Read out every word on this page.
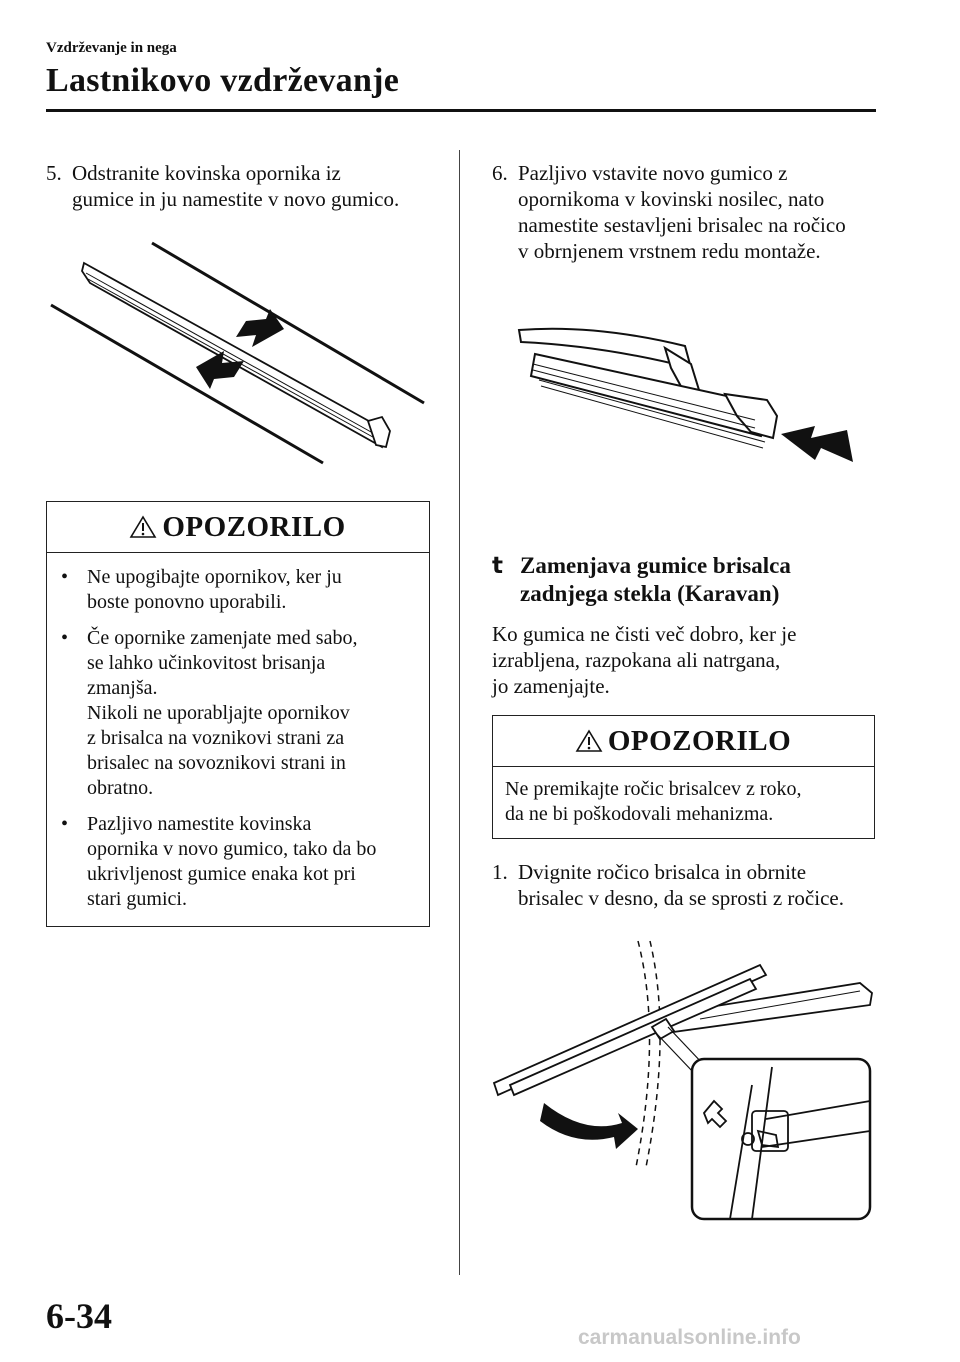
Vzdrževanje in nega
Lastnikovo vzdrževanje
5. Odstranite kovinska opornika iz
gumice in ju namestite v novo gumico.
OPOZORILO
• Ne upogibajte opornikov, ker ju
boste ponovno uporabili.
• Če opornike zamenjate med sabo,
se lahko učinkovitost brisanja
zmanjša.
Nikoli ne uporabljajte opornikov
z brisalca na voznikovi strani za
brisalec na sovoznikovi strani in
obratno.
• Pazljivo namestite kovinska
opornika v novo gumico, tako da bo
ukrivljenost gumice enaka kot pri
stari gumici.
6. Pazljivo vstavite novo gumico z
opornikoma v kovinski nosilec, nato
namestite sestavljeni brisalec na ročico
v obrnjenem vrstnem redu montaže.
t Zamenjava gumice brisalca
zadnjega stekla (Karavan)
Ko gumica ne čisti več dobro, ker je
izrabljena, razpokana ali natrgana,
jo zamenjajte.
OPOZORILO
Ne premikajte ročic brisalcev z roko,
da ne bi poškodovali mehanizma.
1. Dvignite ročico brisalca in obrnite
brisalec v desno, da se sprosti z ročice.
6-34
carmanualsonline.info
